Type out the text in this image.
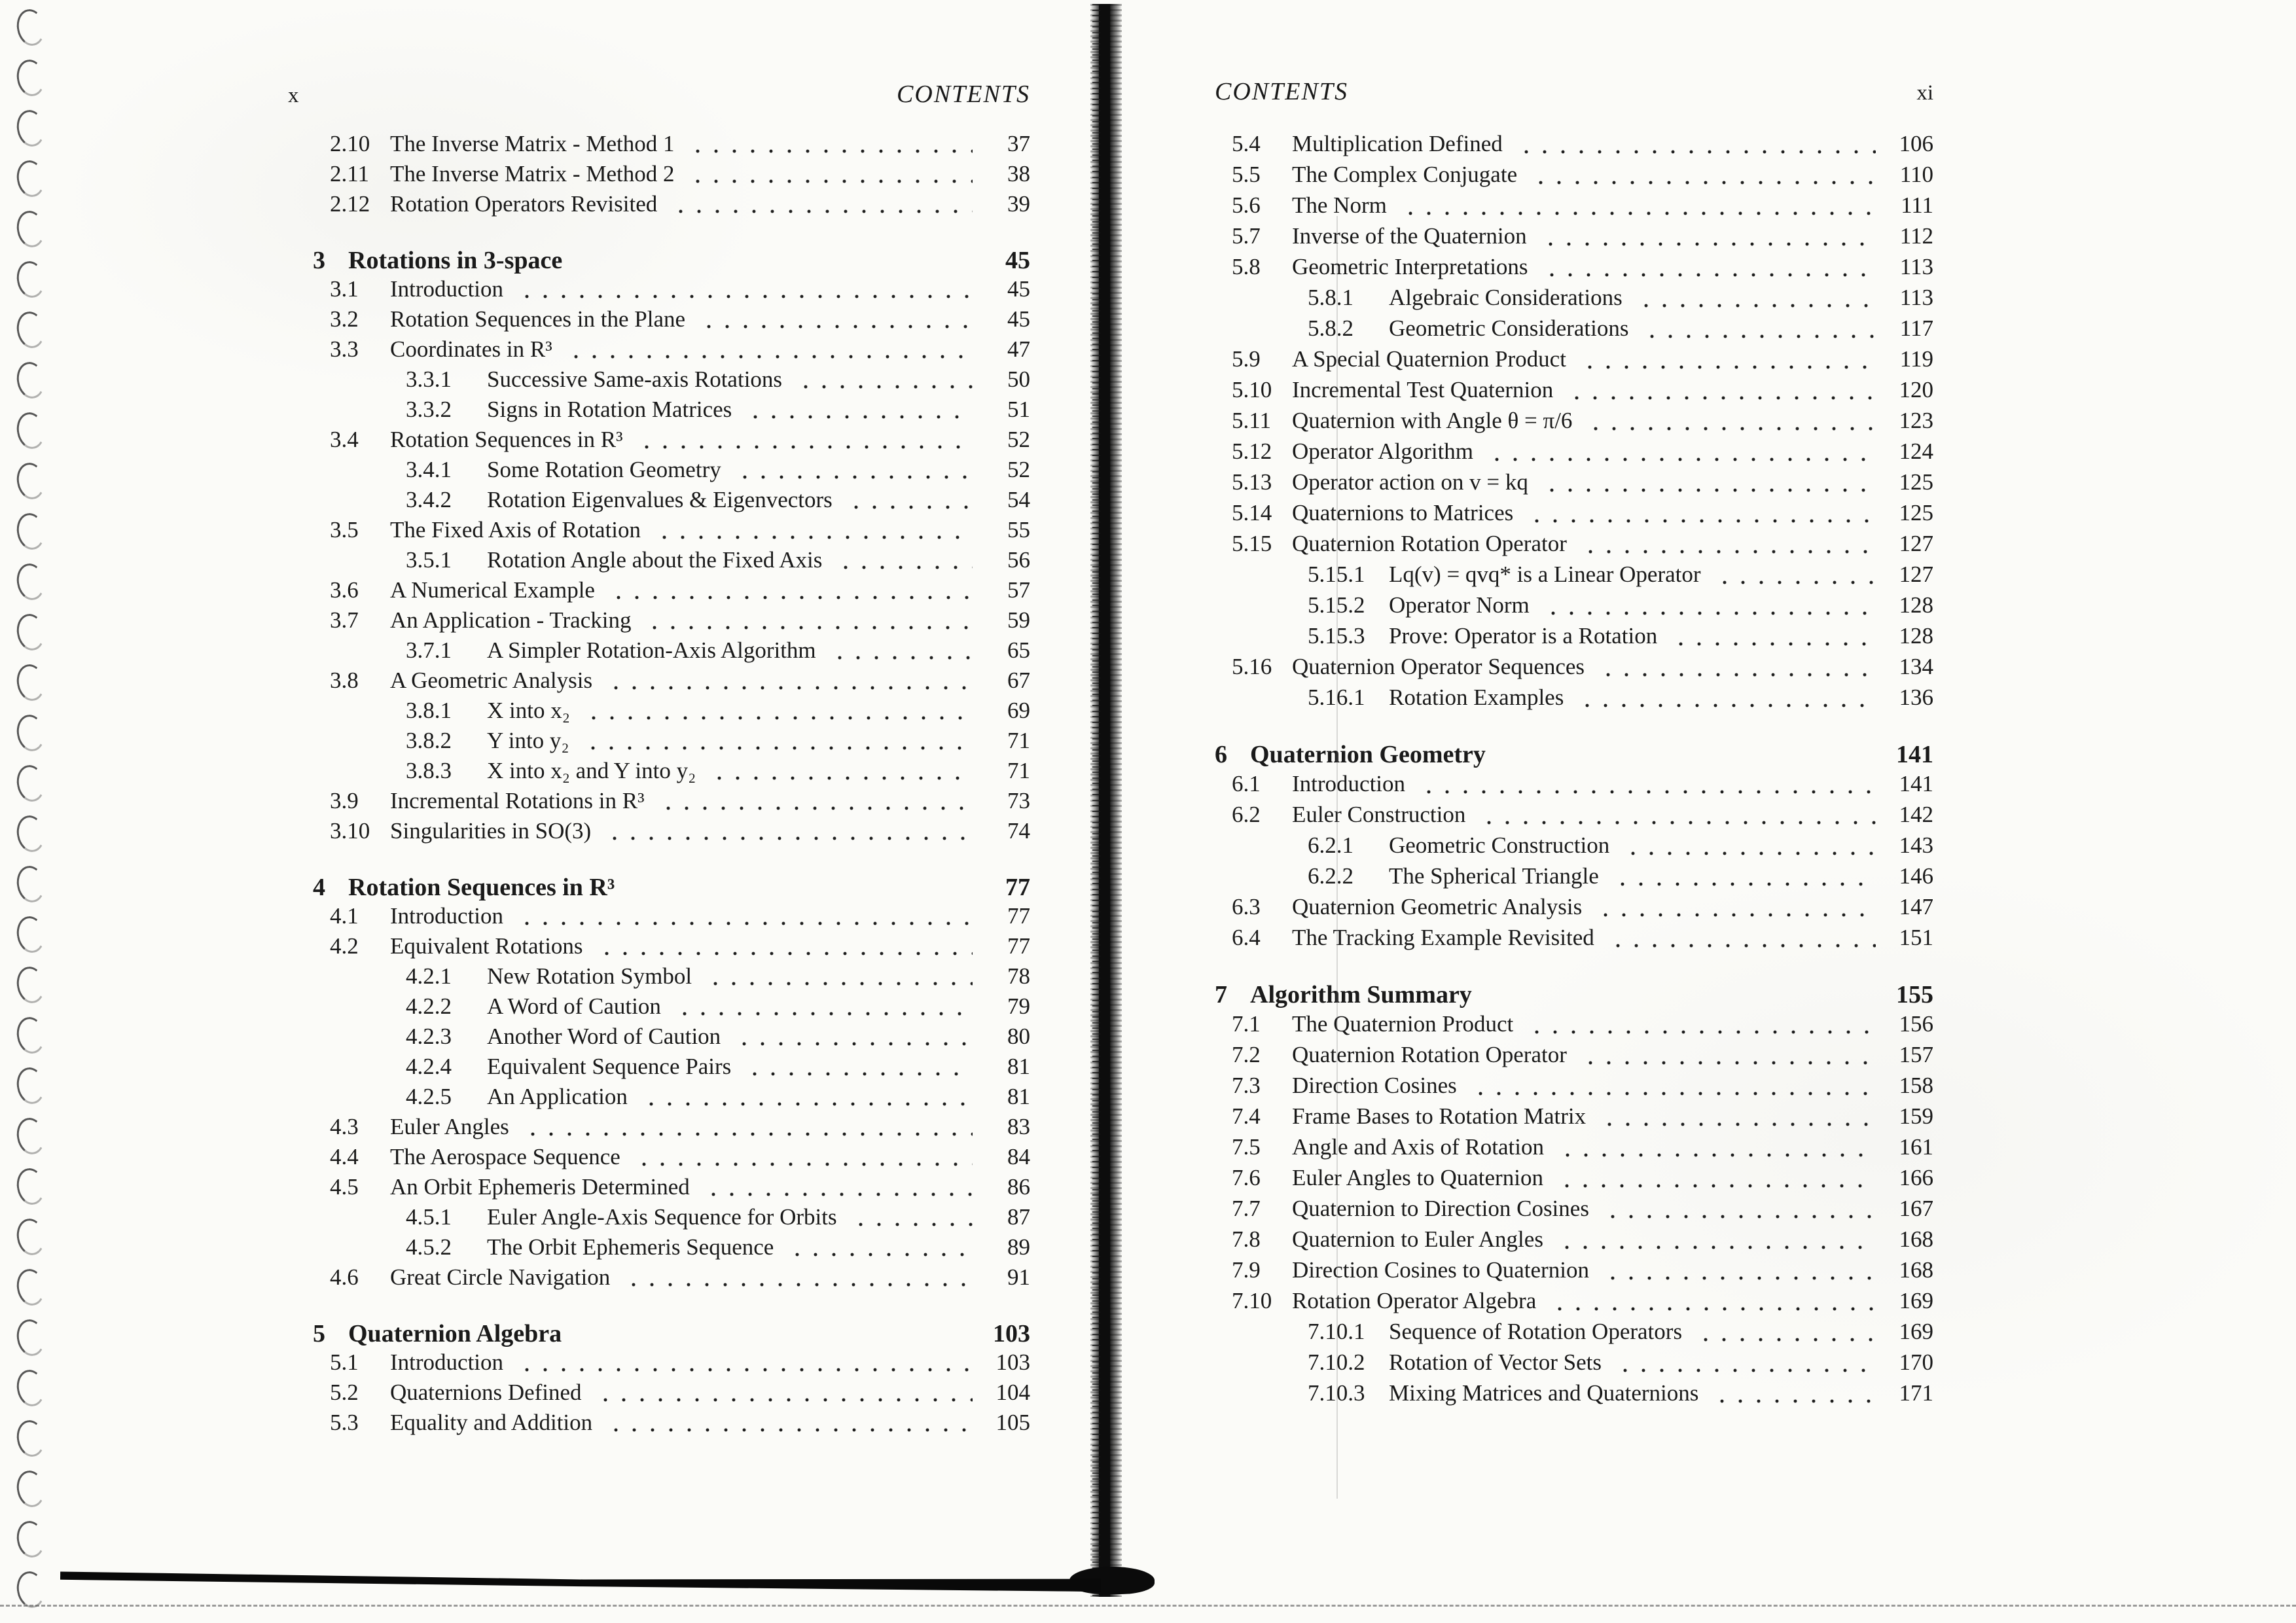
x	CONTENTS	CONTENTS	xi
2.10 The Inverse Matrix - Method 1	37
2.11 The Inverse Matrix - Method 2	38
2.12 Rotation Operators Revisited	39
3 Rotations in 3-space	45
3.1	Introduction	45
3.2	Rotation Sequences in the Plane	45
3.3	Coordinates in R³	47
3.3.1	Successive Same-axis Rotations	50
3.3.2	Signs in Rotation Matrices	51
3.4	Rotation Sequences in R³	52
3.4.1	Some Rotation Geometry	52
3.4.2	Rotation Eigenvalues & Eigenvectors	54
3.5	The Fixed Axis of Rotation	55
3.5.1	Rotation Angle about the Fixed Axis	56
3.6	A Numerical Example	57
3.7	An Application - Tracking	59
3.7.1	A Simpler Rotation-Axis Algorithm	65
3.8	A Geometric Analysis	67
3.8.1	X into x₂	69
3.8.2	Y into y₂	71
3.8.3	X into x₂ and Y into y₂	71
3.9	Incremental Rotations in R³	73
3.10 Singularities in SO(3)	74
4 Rotation Sequences in R³	77
4.1	Introduction	77
4.2	Equivalent Rotations	77
4.2.1	New Rotation Symbol	78
4.2.2	A Word of Caution	79
4.2.3	Another Word of Caution	80
4.2.4	Equivalent Sequence Pairs	81
4.2.5	An Application	81
4.3	Euler Angles	83
4.4	The Aerospace Sequence	84
4.5	An Orbit Ephemeris Determined	86
4.5.1	Euler Angle-Axis Sequence for Orbits	87
4.5.2	The Orbit Ephemeris Sequence	89
4.6	Great Circle Navigation	91
5 Quaternion Algebra	103
5.1	Introduction	103
5.2	Quaternions Defined	104
5.3	Equality and Addition	105
5.4	Multiplication Defined	106
5.5	The Complex Conjugate	110
5.6	The Norm	111
5.7	Inverse of the Quaternion	112
5.8	Geometric Interpretations	113
5.8.1	Algebraic Considerations	113
5.8.2	Geometric Considerations	117
5.9	A Special Quaternion Product	119
5.10 Incremental Test Quaternion	120
5.11 Quaternion with Angle θ = π/6	123
5.12 Operator Algorithm	124
5.13 Operator action on v = kq	125
5.14 Quaternions to Matrices	125
5.15 Quaternion Rotation Operator	127
5.15.1	Lq(v) = qvq* is a Linear Operator	127
5.15.2	Operator Norm	128
5.15.3	Prove: Operator is a Rotation	128
5.16 Quaternion Operator Sequences	134
5.16.1	Rotation Examples	136
6 Quaternion Geometry	141
6.1	Introduction	141
6.2	Euler Construction	142
6.2.1	Geometric Construction	143
6.2.2	The Spherical Triangle	146
6.3	Quaternion Geometric Analysis	147
6.4	The Tracking Example Revisited	151
7 Algorithm Summary	155
7.1	The Quaternion Product	156
7.2	Quaternion Rotation Operator	157
7.3	Direction Cosines	158
7.4	Frame Bases to Rotation Matrix	159
7.5	Angle and Axis of Rotation	161
7.6	Euler Angles to Quaternion	166
7.7	Quaternion to Direction Cosines	167
7.8	Quaternion to Euler Angles	168
7.9	Direction Cosines to Quaternion	168
7.10 Rotation Operator Algebra	169
7.10.1	Sequence of Rotation Operators	169
7.10.2	Rotation of Vector Sets	170
7.10.3	Mixing Matrices and Quaternions	171
